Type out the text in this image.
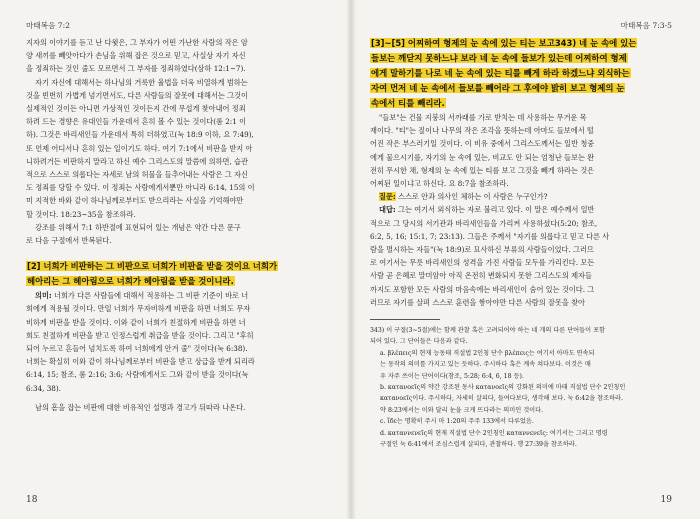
마태복음 7:2

지자의 이야기를 듣고 난 다윗은, 그 부자가 어떤 가난한 사람의 작은 암
양 새끼를 빼앗아다가 손님을 위해 잡은 것으로 믿고, 사실상 자기 자신
을 정죄하는 것인 줄도 모르면서 그 부자를 정죄하였다(삼하 12:1~7).

자기 자신에 대해서는 하나님의 거룩한 율법을 더욱 비열하게 범하는
것을 빈번히 가볍게 넘기면서도, 다른 사람들의 잘못에 대해서는 그것이
실제적인 것이든 아니면 가상적인 것이든지 간에 무섭게 찾아내어 정죄
하려 드는 경향은 유대인들 가운데서 흔히 볼 수 있는 것이다(롬 2:1 이
하). 그것은 바리새인들 가운데서 특히 더하였고(눅 18:9 이하, 요 7:49),
또 언제 어디서나 흔히 있는 일이기도 하다. 여기 7:1에서 비판을 받지 아
니하려거든 비판하지 말라고 하신 예수 그리스도의 말씀에 의하면, 습관
적으로 스스로 의롭다는 자세로 남의 허물을 들추어내는 사람은 그 자신
도 정죄를 당할 수 있다. 이 정죄는 사람에게서뿐만 아니라 6:14, 15의 이
미 지적한 바와 같이 하나님께로부터도 받으리라는 사실을 기억해야만
할 것이다. 18:23~35을 참조하라.

강조를 위해서 7:1 하반절에 표현되어 있는 개념은 약간 다른 문구
로 다음 구절에서 반복된다.

[2] 너희가 비판하는 그 비판으로 너희가 비판을 받을 것이요 너희가
헤아리는 그 헤아림으로 너희가 헤아림을 받을 것이니라.

의미: 너희가 다른 사람들에 대해서 적용하는 그 비판 기준이 바로 너
희에게 적용될 것이다. 만일 너희가 무자비하게 비판을 하면 너희도 무자
비하게 비판을 받을 것이다. 이와 같이 너희가 친절하게 비판을 하면 너
희도 친절하게 비판을 받고 인정스럽게 취급을 받을 것이다. 그리고 "후히
되어 누르고 흔들어 넘치도록 하여 너희에게 안겨 줄" 것이다(눅 6:38).
너희는 확실히 이와 같이 하나님께로부터 비판을 받고 상급을 받게 되리라
6:14, 15; 참조, 롬 2:16; 3:6; 사람에게서도 그와 같이 받을 것이다(눅
6:34, 38).

남의 흠을 잡는 비판에 대한 비유적인 설명과 경고가 뒤따라 나온다.

18
마태복음 7:3-5
[3]~[5] 어찌하여 형제의 눈 속에 있는 티는 보고343) 네 눈 속에 있는
들보는 깨닫지 못하느냐 보라 네 눈 속에 들보가 있는데 어찌하여 형제
에게 말하기를 나로 네 눈 속에 있는 티를 빼게 하라 하겠느냐 외식하는
자여 먼저 네 눈 속에서 들보를 빼어라 그 후에야 밝히 보고 형제의 눈
속에서 티를 빼리라.

"들보"는 건물 지붕의 서까래를 가로 받치는 데 사용하는 무거운 목
재이다. "티"는 짚이나 나무의 작은 조각을 뜻하는데 아마도 들보에서 떨
어진 작은 부스러기일 것이다. 이 비유 중에서 그리스도께서는 일반 청중
에게 물으시기를, 자기의 눈 속에 있는, 비교도 안 되는 엄청난 들보는 완
전히 무시한 채, 형제의 눈 속에 있는 티를 보고 그것을 빼게 하라는 것은
어찌된 일이냐고 하신다. 요 8:7을 참조하라.

질문: 스스로 안과 의사인 체하는 이 사람은 누구인가?

대답: 그는 여기서 외식하는 자로 불리고 있다. 이 말은 예수께서 일반
적으로 그 당시의 서기관과 바리새인들을 가리켜 사용하셨다(5:20; 참조,
6:2, 5, 16; 15:1, 7; 23:13). 그들은 주께서 "자기를 의롭다고 믿고 다른 사
람을 멸시하는 자들"(눅 18:9)로 묘사하신 부류의 사람들이었다. 그러므
로 여기서는 무릇 바리새인의 성격을 가진 사람들 모두를 가리킨다. 모든
사람 곧 은혜로 말미암아 아직 온전히 변화되지 못한 그리스도의 제자들
까지도 포함한 모든 사람의 마음속에는 바리새인이 숨어 있는 것이다. 그
러므로 자기를 살펴 스스로 훈련을 쌓아야만 다른 사람의 잘못을 찾아

343) 이 구절(3~5절)에는 함께 관찰 혹은 고려되어야 하는 네 개의 다른 단어들이 포함
되어 있다. 그 단어들은 다음과 같다.

a. βλέπεις의 현재 능동태 직설법 2인칭 단수 βλέπεις는 여기서 아마도 연속되
는 동작의 의미를 가지고 있는 듯하다. 주시하다 혹은 계속 쳐다보다. 이것은 매
우 자주 쓰이는 단어이다(참조, 5:28; 6:4, 6, 18 등).
b. κατανοεῖς의 약간 강조된 동사 κατανοεῖς의 강화된 의미에 마태 직설법 단수 2인칭인
κατανοεῖς이다. 주시하다, 자세히 살피다, 들여다보다, 생각해 보다. 눅 6:42을 참조하라.
약 8:23에서는 이와 달리 눈을 크게 뜨다라는 의미인 것이다.
c. ἴδε는 명확히 주시 마 1:20의 주주 133에서 다루었음.
d. καταννενεῖς의 현재 직설법 단수 2인칭인 καταννενεῖς: 여기서는 그리고 명령
구절인 눅 6:41에서 조심스럽게 살피다, 관찰하다. 행 27:39을 참조하라.

19
